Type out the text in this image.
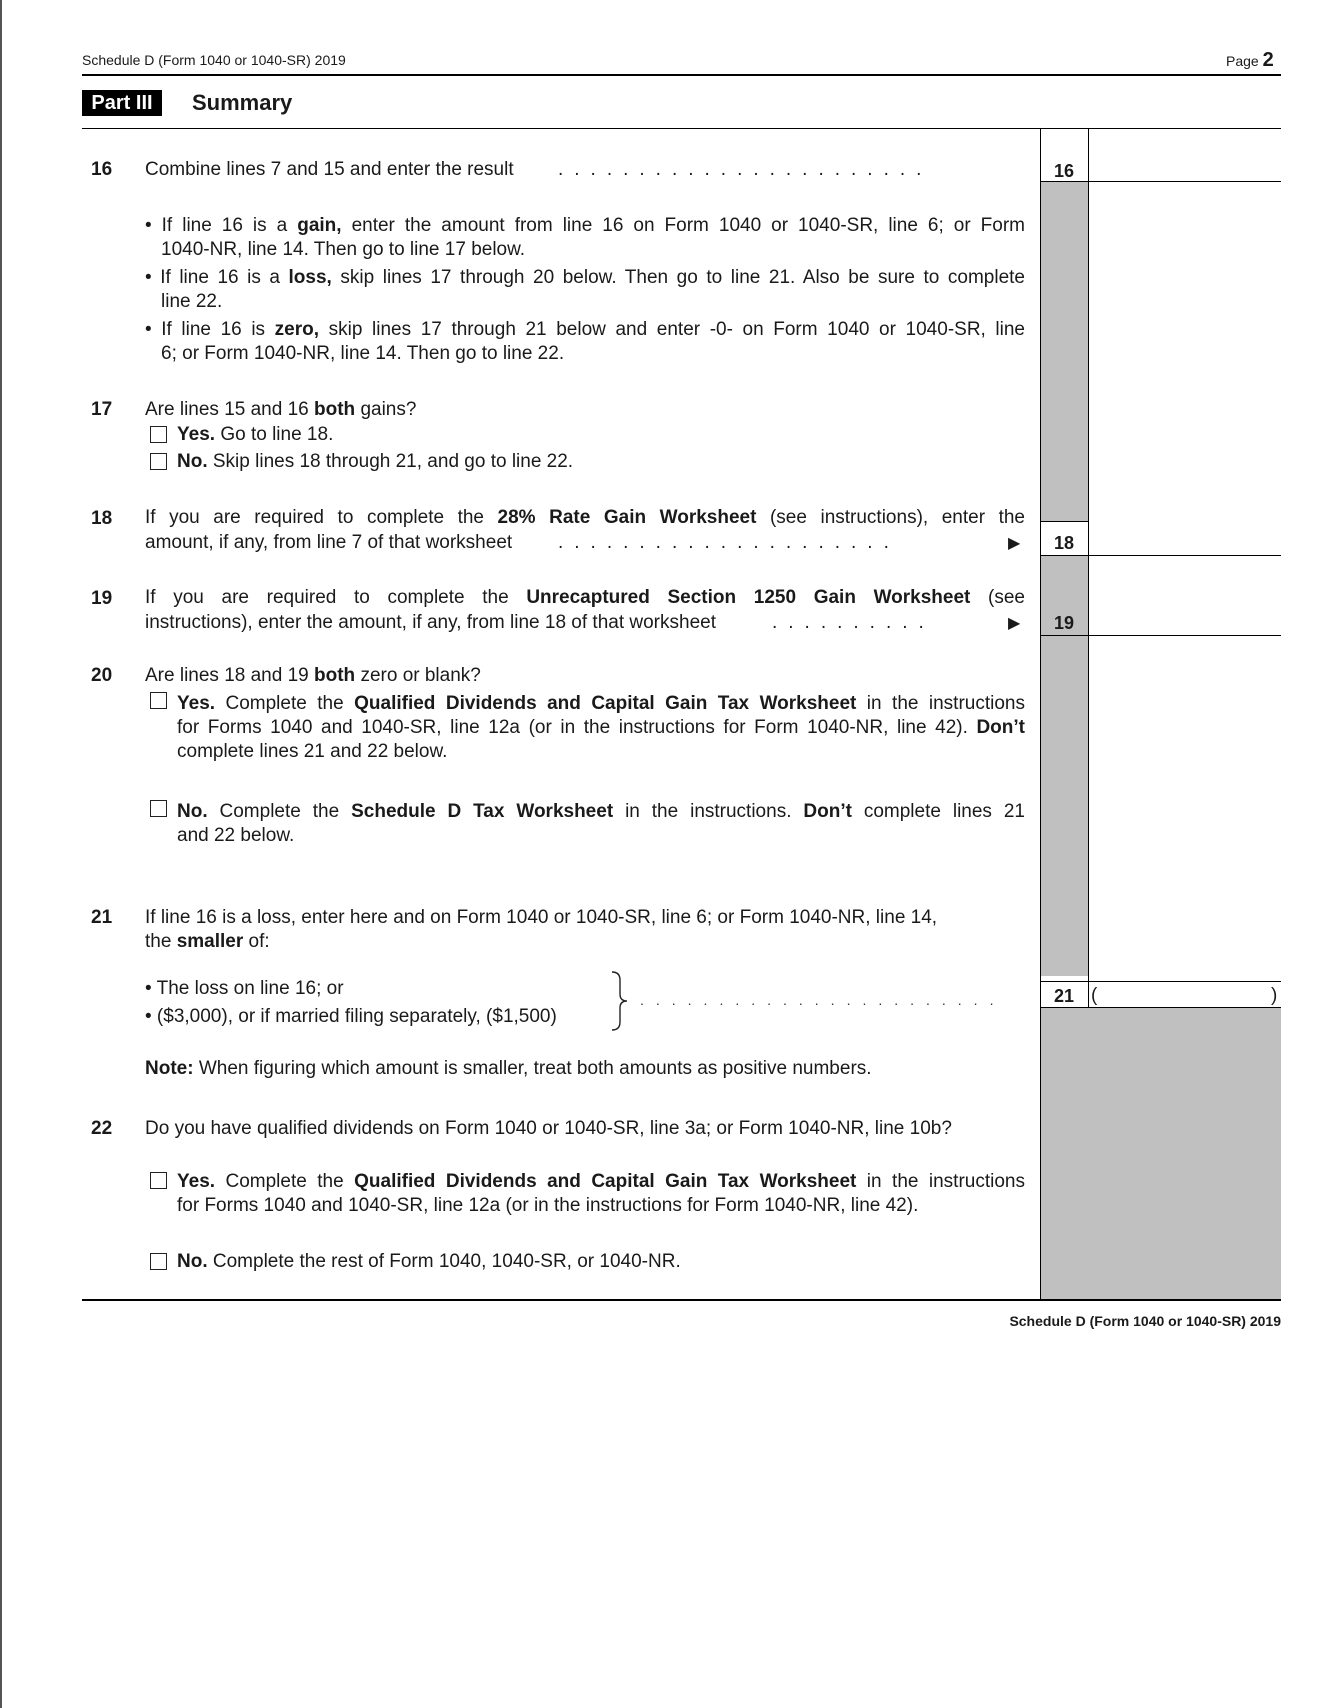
Schedule D (Form 1040 or 1040-SR) 2019	Page 2
Part III	Summary
16 Combine lines 7 and 15 and enter the result .......................	16
• If line 16 is a gain, enter the amount from line 16 on Form 1040 or 1040-SR, line 6; or Form
1040-NR, line 14. Then go to line 17 below.
• If line 16 is a loss, skip lines 17 through 20 below. Then go to line 21. Also be sure to complete
line 22.
• If line 16 is zero, skip lines 17 through 21 below and enter -0- on Form 1040 or 1040-SR, line
6; or Form 1040-NR, line 14. Then go to line 22.
17 Are lines 15 and 16 both gains?
Yes. Go to line 18.
No. Skip lines 18 through 21, and go to line 22.
18 If you are required to complete the 28% Rate Gain Worksheet (see instructions), enter the
amount, if any, from line 7 of that worksheet .....................	▶	18
19 If you are required to complete the Unrecaptured Section 1250 Gain Worksheet (see
instructions), enter the amount, if any, from line 18 of that worksheet	..........	▶	19
20 Are lines 18 and 19 both zero or blank?
Yes. Complete the Qualified Dividends and Capital Gain Tax Worksheet in the instructions
for Forms 1040 and 1040-SR, line 12a (or in the instructions for Form 1040-NR, line 42). Don’t
complete lines 21 and 22 below.
No. Complete the Schedule D Tax Worksheet in the instructions. Don’t complete lines 21
and 22 below.
21 If line 16 is a loss, enter here and on Form 1040 or 1040-SR, line 6; or Form 1040-NR, line 14,
the smaller of:
• The loss on line 16; or
• ($3,000), or if married filing separately, ($1,500)
.......................	21 (	)
Note: When figuring which amount is smaller, treat both amounts as positive numbers.
22 Do you have qualified dividends on Form 1040 or 1040-SR, line 3a; or Form 1040-NR, line 10b?
Yes. Complete the Qualified Dividends and Capital Gain Tax Worksheet in the instructions
for Forms 1040 and 1040-SR, line 12a (or in the instructions for Form 1040-NR, line 42).
No. Complete the rest of Form 1040, 1040-SR, or 1040-NR.
Schedule D (Form 1040 or 1040-SR) 2019
